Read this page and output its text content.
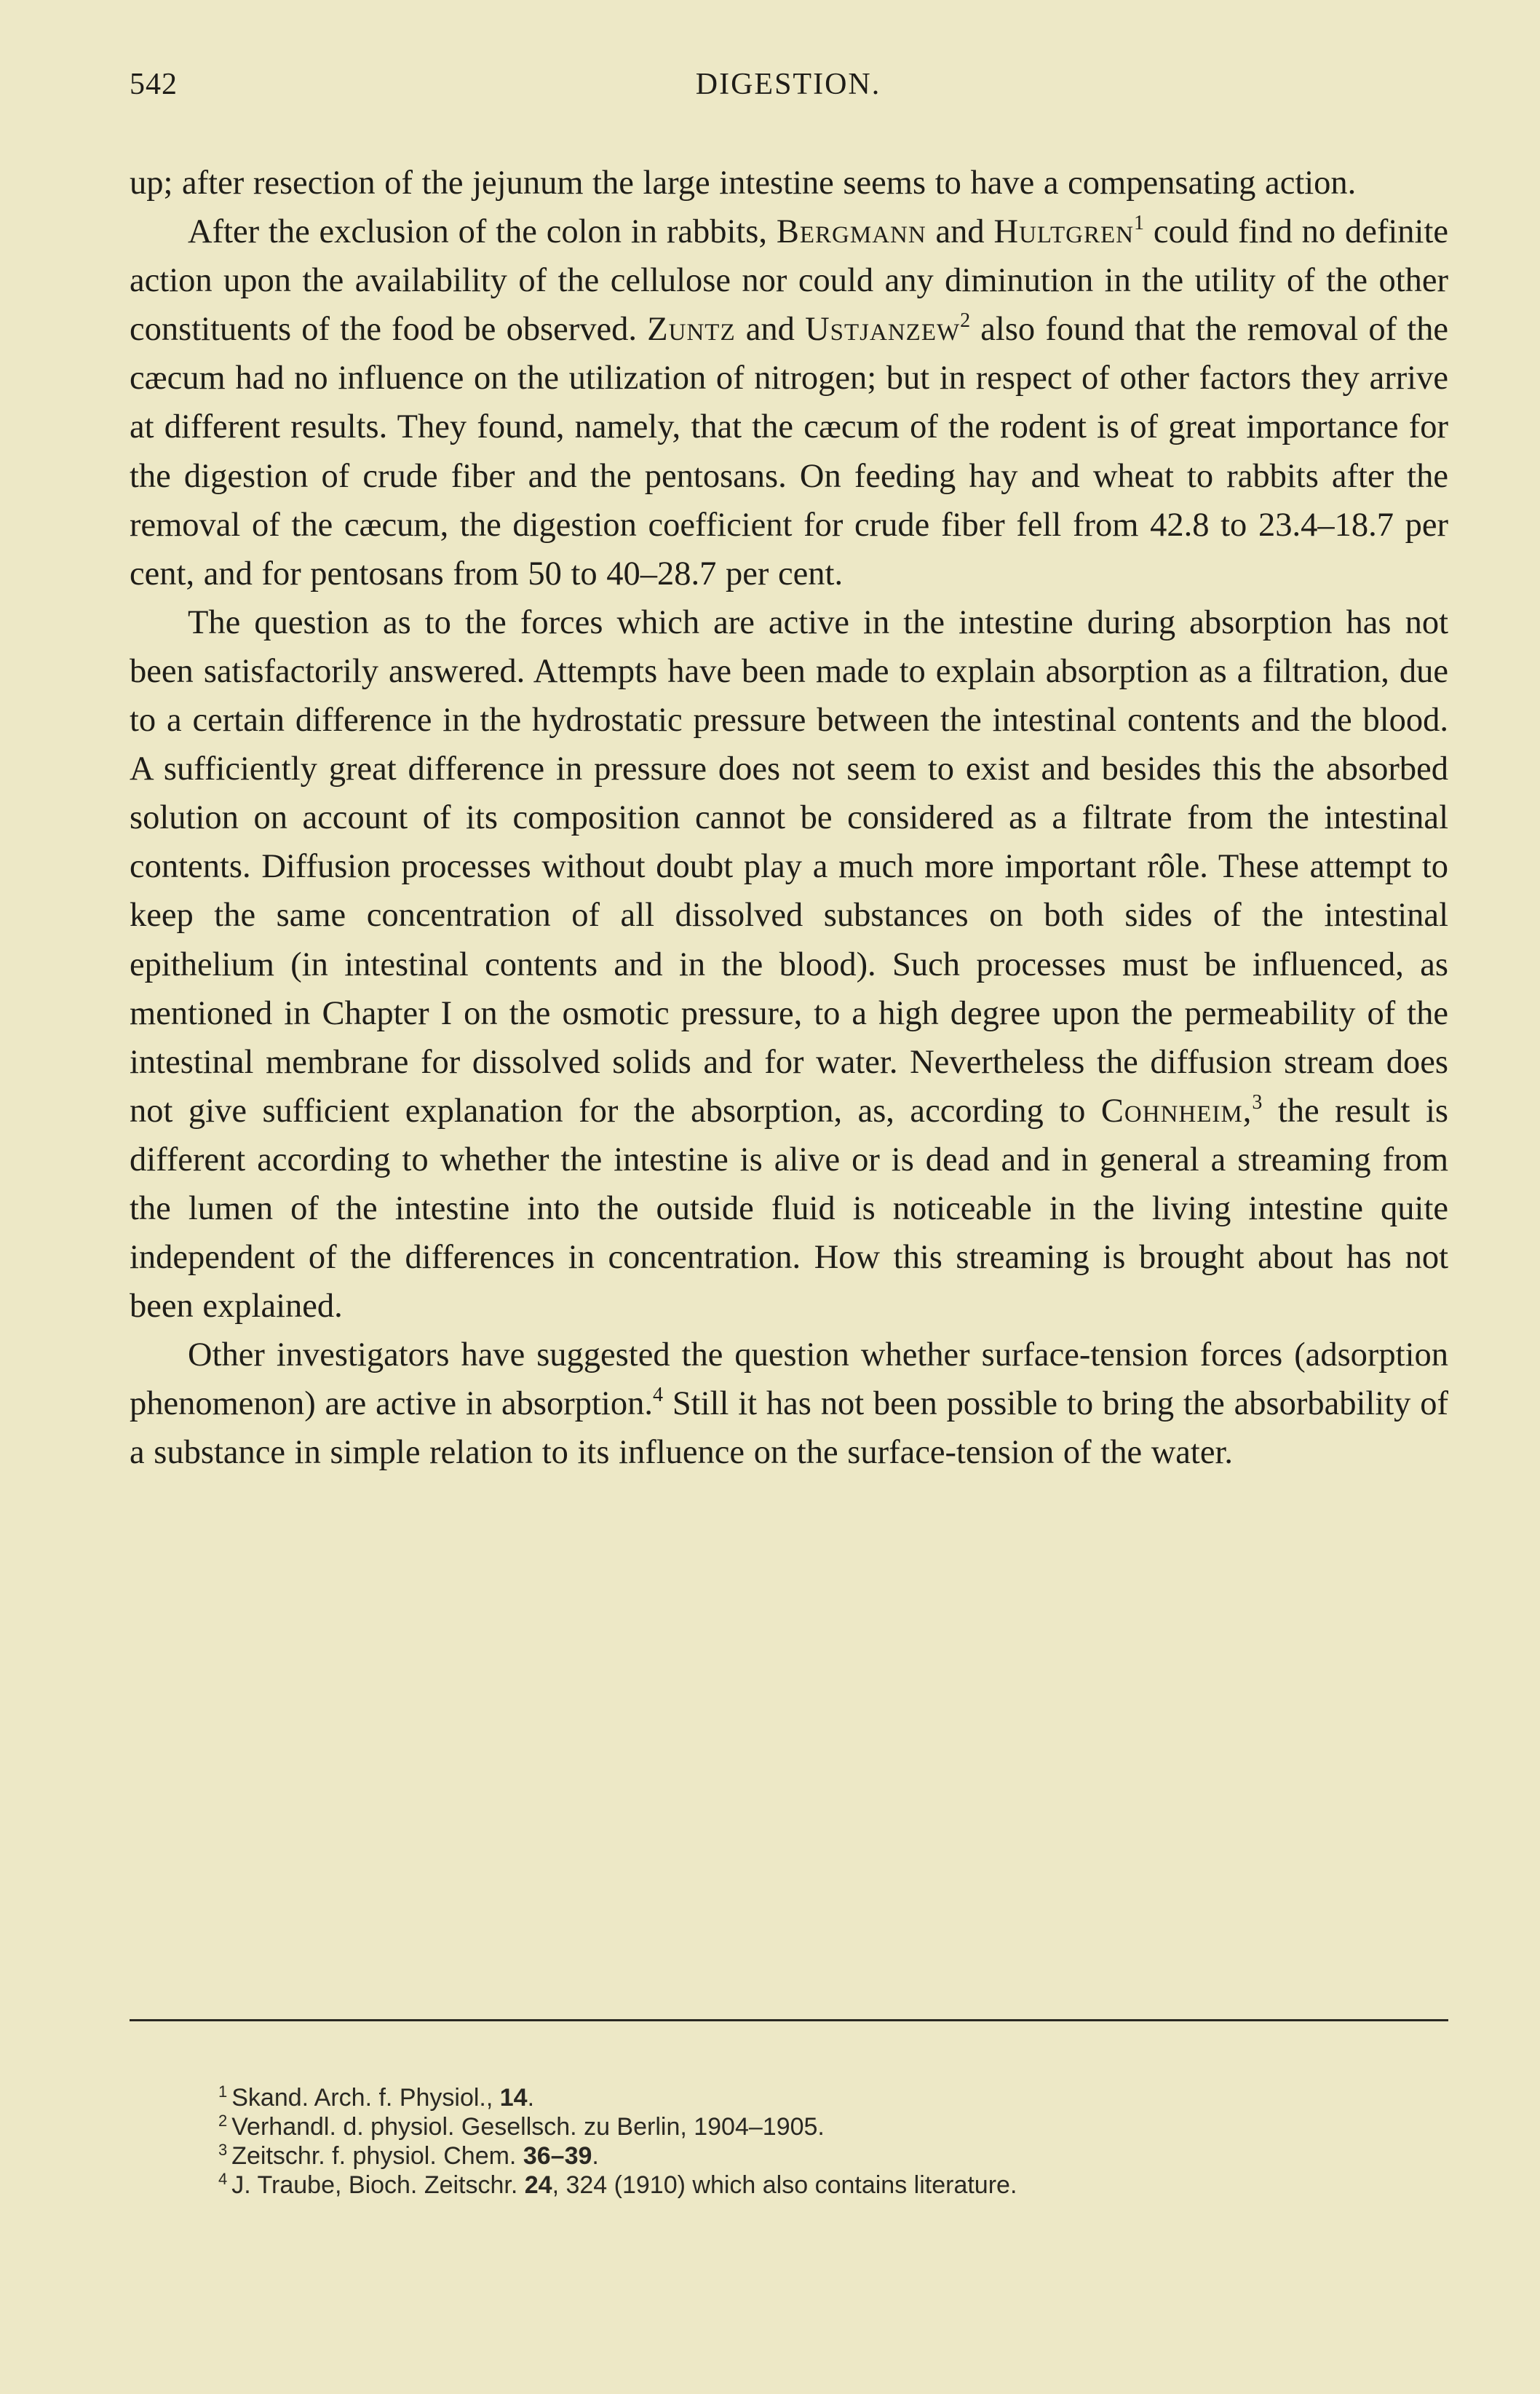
542	DIGESTION.

up; after resection of the jejunum the large intestine seems to have a compensating action.

After the exclusion of the colon in rabbits, Bergmann and Hultgren$^1$ could find no definite action upon the availability of the cellulose nor could any diminution in the utility of the other constituents of the food be observed. Zuntz and Ustjanzew$^2$ also found that the removal of the cæcum had no influence on the utilization of nitrogen; but in respect of other factors they arrive at different results. They found, namely, that the cæcum of the rodent is of great importance for the digestion of crude fiber and the pentosans. On feeding hay and wheat to rabbits after the removal of the cæcum, the digestion coefficient for crude fiber fell from 42.8 to 23.4–18.7 per cent, and for pentosans from 50 to 40–28.7 per cent.

The question as to the forces which are active in the intestine during absorption has not been satisfactorily answered. Attempts have been made to explain absorption as a filtration, due to a certain difference in the hydrostatic pressure between the intestinal contents and the blood. A sufficiently great difference in pressure does not seem to exist and besides this the absorbed solution on account of its composition cannot be considered as a filtrate from the intestinal contents. Diffusion processes without doubt play a much more important rôle. These attempt to keep the same concentration of all dissolved substances on both sides of the intestinal epithelium (in intestinal contents and in the blood). Such processes must be influenced, as mentioned in Chapter I on the osmotic pressure, to a high degree upon the permeability of the intestinal membrane for dissolved solids and for water. Nevertheless the diffusion stream does not give sufficient explanation for the absorption, as, according to Cohnheim,$^3$ the result is different according to whether the intestine is alive or is dead and in general a streaming from the lumen of the intestine into the outside fluid is noticeable in the living intestine quite independent of the differences in concentration. How this streaming is brought about has not been explained.

Other investigators have suggested the question whether surface-tension forces (adsorption phenomenon) are active in absorption.$^4$ Still it has not been possible to bring the absorbability of a substance in simple relation to its influence on the surface-tension of the water.

$^1$ Skand. Arch. f. Physiol., 14.
$^2$ Verhandl. d. physiol. Gesellsch. zu Berlin, 1904–1905.
$^3$ Zeitschr. f. physiol. Chem. 36–39.
$^4$ J. Traube, Bioch. Zeitschr. 24, 324 (1910) which also contains literature.
